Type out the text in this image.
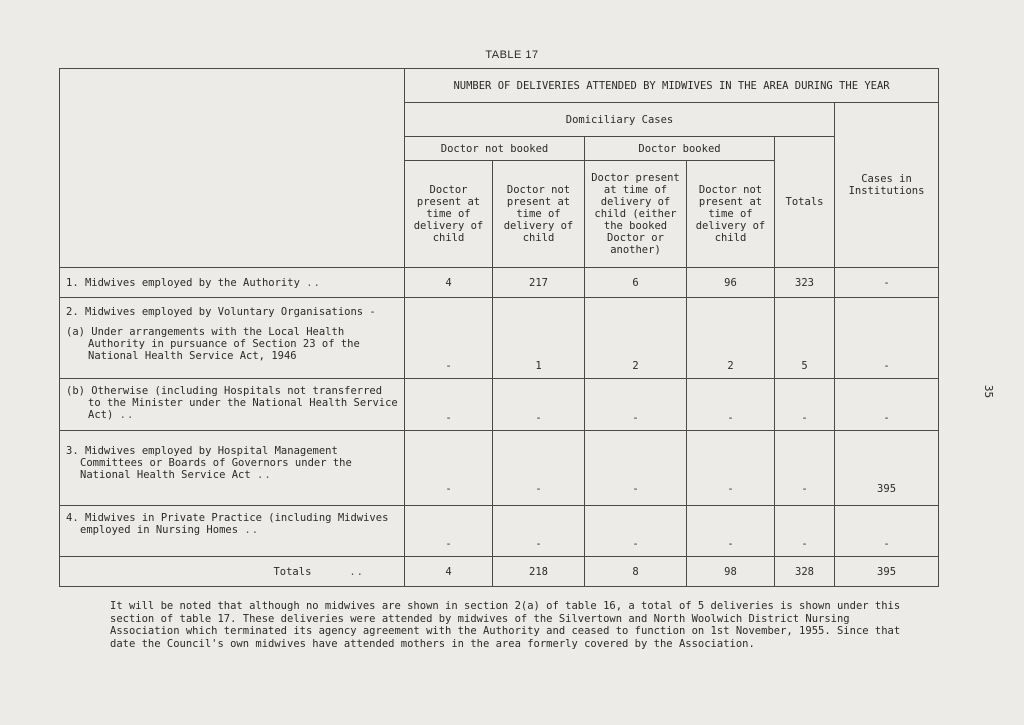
TABLE 17
35
	NUMBER OF DELIVERIES ATTENDED BY MIDWIVES IN THE AREA DURING THE YEAR					
	Domiciliary Cases					Cases in Institutions
	Doctor not booked		Doctor booked		Totals	
	Doctor present at time of delivery of child	Doctor not present at time of delivery of child	Doctor present at time of delivery of child (either the booked Doctor or another)	Doctor not present at time of delivery of child		
1. Midwives employed by the Authority ..	4	217	6	96	323	-
2. Midwives employed by Voluntary Organisations -
(a) Under arrangements with the Local Health Authority in pursuance of Section 23 of the National Health Service Act, 1946	-	1	2	2	5	-
(b) Otherwise (including Hospitals not transferred to the Minister under the National Health Service Act) ..	-	-	-	-	-	-
3. Midwives employed by Hospital Management Committees or Boards of Governors under the National Health Service Act ..	-	-	-	-	-	395
4. Midwives in Private Practice (including Midwives employed in Nursing Homes ..	-	-	-	-	-	-
Totals ..	4	218	8	98	328	395
It will be noted that although no midwives are shown in section 2(a) of table 16, a total of 5 deliveries is shown under this section of table 17. These deliveries were attended by midwives of the Silvertown and North Woolwich District Nursing Association which terminated its agency agreement with the Authority and ceased to function on 1st November, 1955. Since that date the Council's own midwives have attended mothers in the area formerly covered by the Association.
